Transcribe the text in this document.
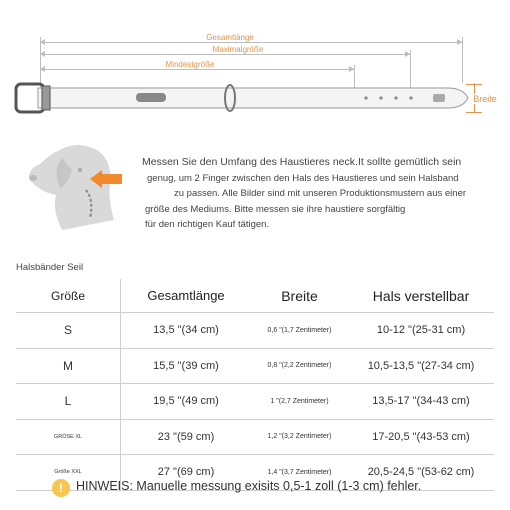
Gesamtlänge
Maximalgröße
Mindestgröße
Breite
Messen Sie den Umfang des Haustieres neck.It sollte gemütlich sein
genug, um 2 Finger zwischen den Hals des Haustieres und sein Halsband
zu passen. Alle Bilder sind mit unseren Produktionsmustern aus einer
größe des Mediums. Bitte messen sie ihre haustiere sorgfältig
für den richtigen Kauf tätigen.
Halsbänder Seil
Größe	Gesamtlänge	Breite	Hals verstellbar
S	13,5 "(34 cm)	0,6 "(1,7 Zentimeter)	10-12 "(25-31 cm)
M	15,5 "(39 cm)	0,8 "(2,2 Zentimeter)	10,5-13,5 "(27-34 cm)
L	19,5 "(49 cm)	1 "(2,7 Zentimeter)	13,5-17 "(34-43 cm)
GRÖSE XL	23 "(59 cm)	1,2 "(3,2 Zentimeter)	17-20,5 "(43-53 cm)
Größe XXL	27 "(69 cm)	1,4 "(3,7 Zentimeter)	20,5-24,5 "(53-62 cm)
!	HINWEIS: Manuelle messung exisits 0,5-1 zoll (1-3 cm) fehler.
